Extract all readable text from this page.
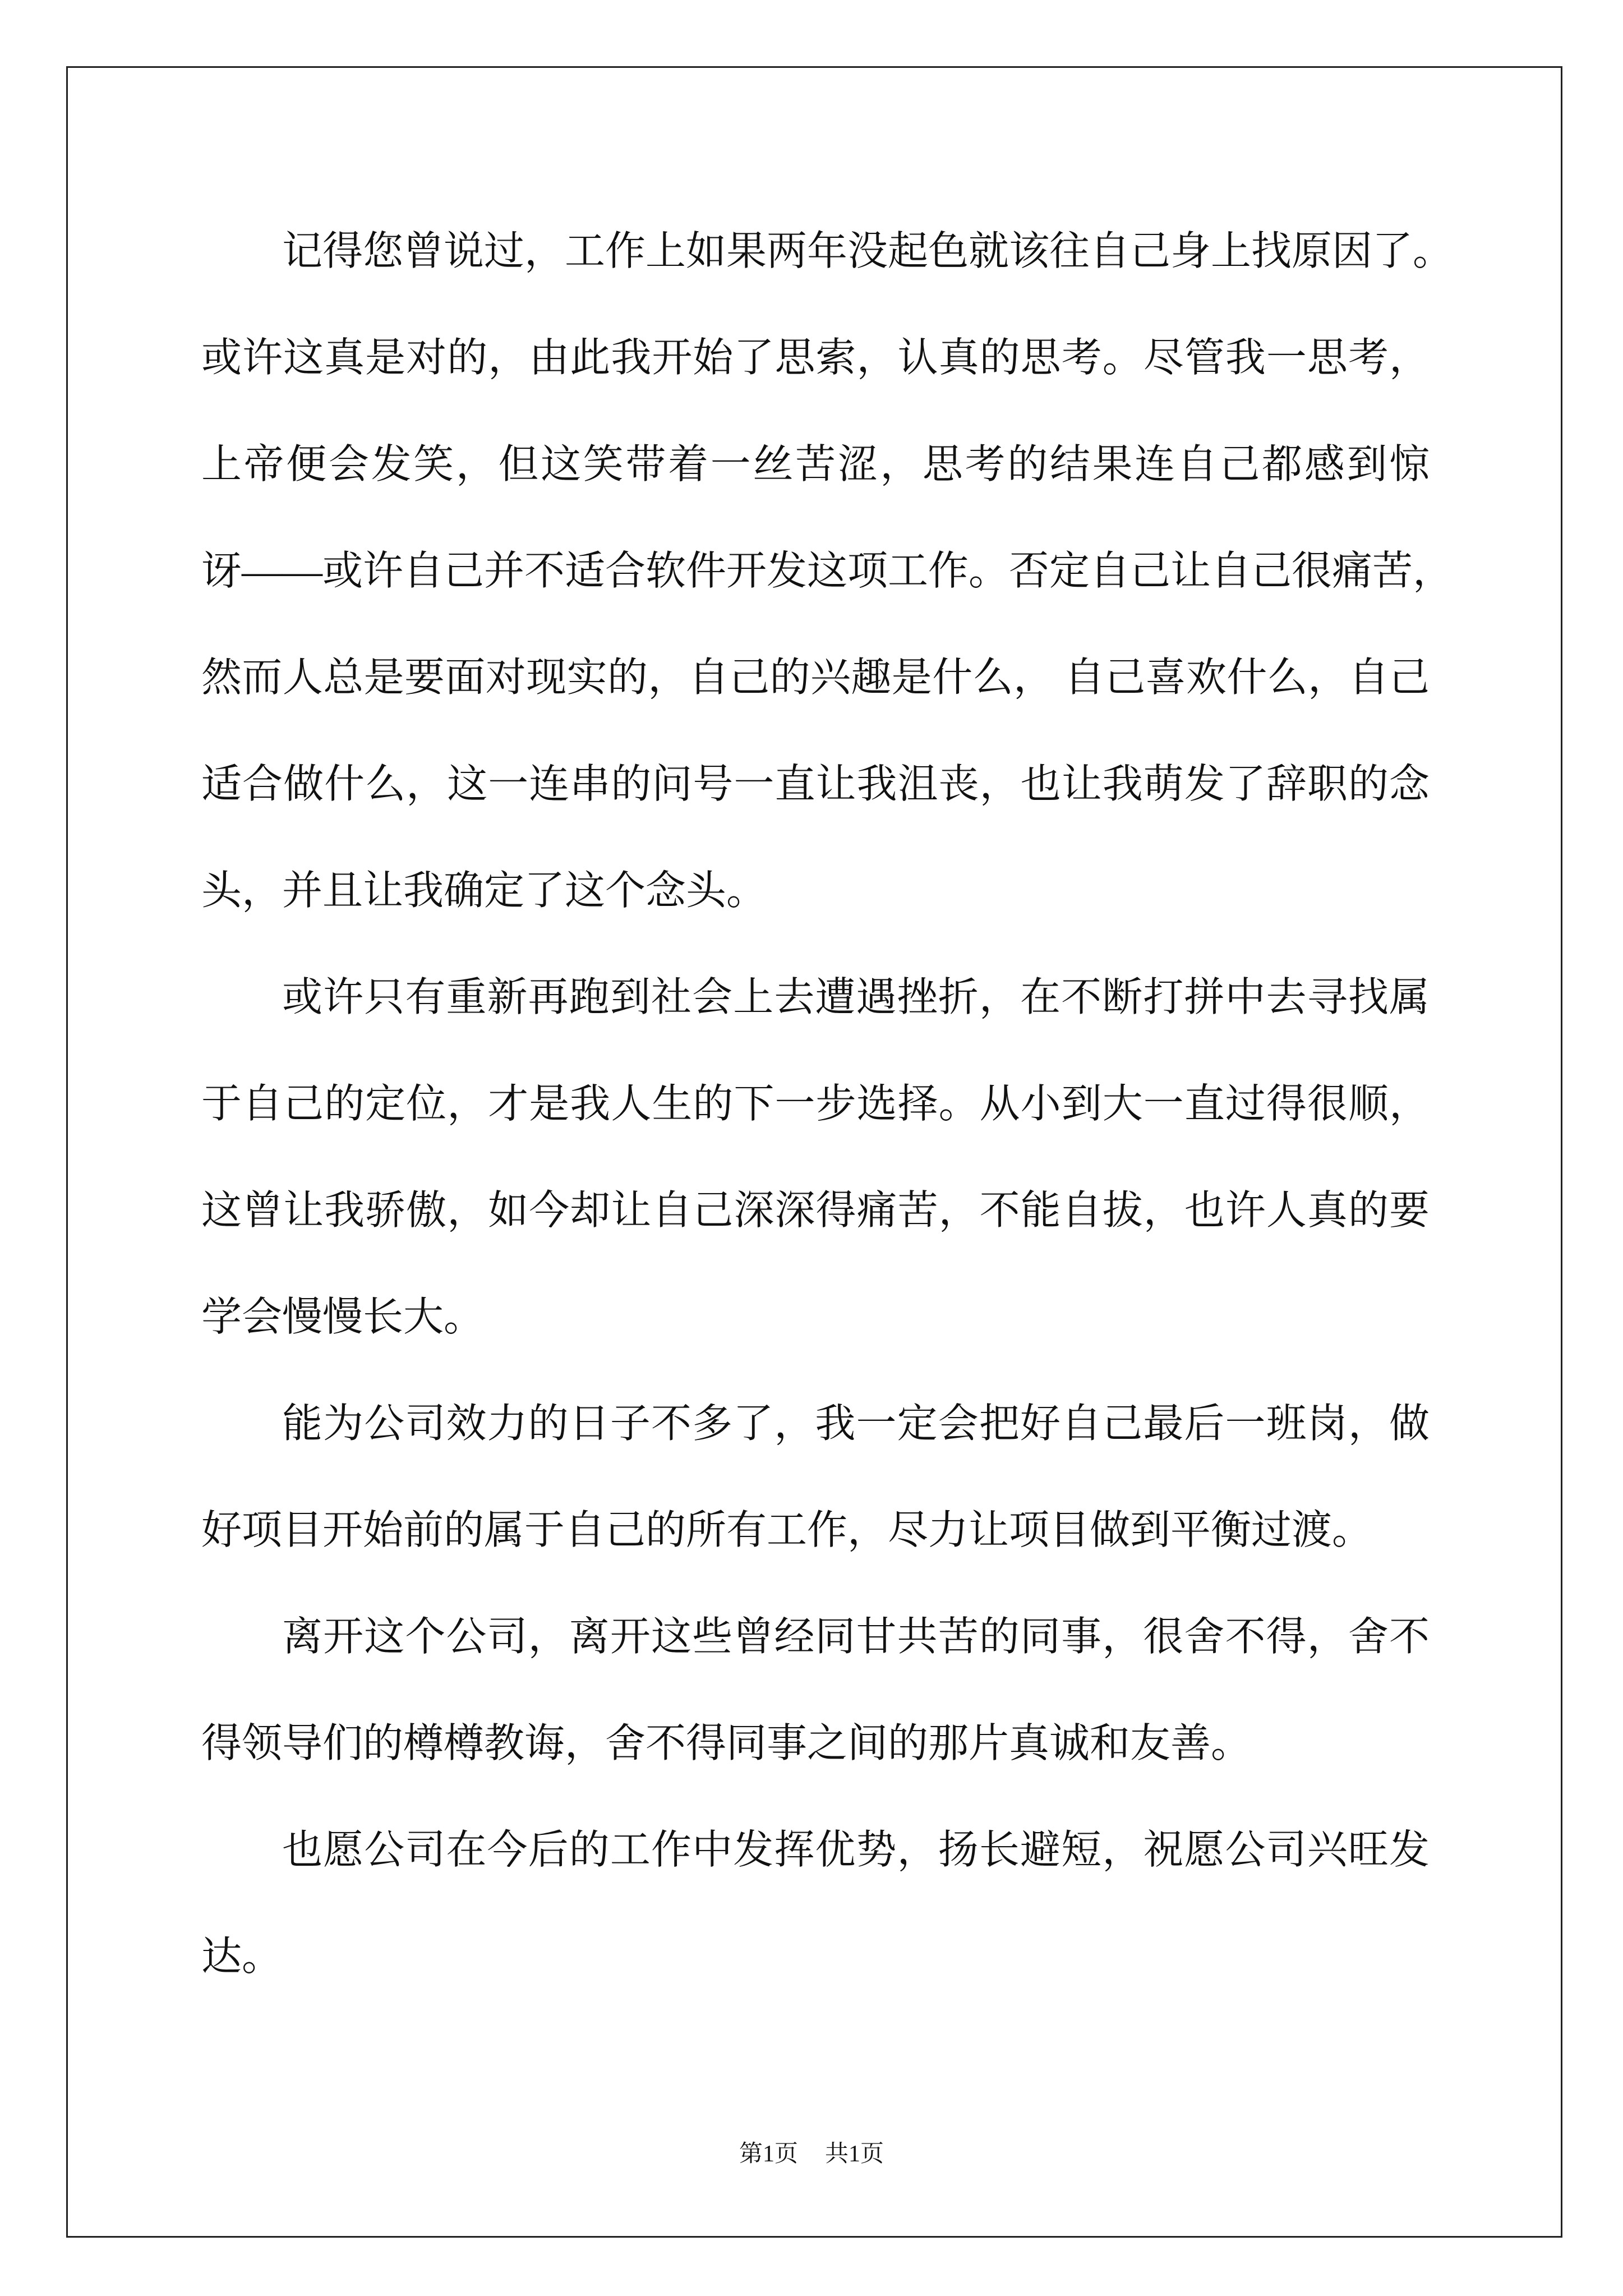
记得您曾说过，工作上如果两年没起色就该往自己身上找原因了。
或许这真是对的，由此我开始了思索，认真的思考。尽管我一思考，
上帝便会发笑，但这笑带着一丝苦涩，思考的结果连自己都感到惊
讶——或许自己并不适合软件开发这项工作。否定自己让自己很痛苦，
然而人总是要面对现实的，自己的兴趣是什么， 自己喜欢什么，自己
适合做什么，这一连串的问号一直让我沮丧，也让我萌发了辞职的念
头，并且让我确定了这个念头。
或许只有重新再跑到社会上去遭遇挫折，在不断打拼中去寻找属
于自己的定位，才是我人生的下一步选择。从小到大一直过得很顺，
这曾让我骄傲，如今却让自己深深得痛苦，不能自拔，也许人真的要
学会慢慢长大。
能为公司效力的日子不多了，我一定会把好自己最后一班岗，做
好项目开始前的属于自己的所有工作，尽力让项目做到平衡过渡。
离开这个公司，离开这些曾经同甘共苦的同事，很舍不得，舍不
得领导们的樽樽教诲，舍不得同事之间的那片真诚和友善。
也愿公司在今后的工作中发挥优势，扬长避短，祝愿公司兴旺发
达。
第1页 共1页
